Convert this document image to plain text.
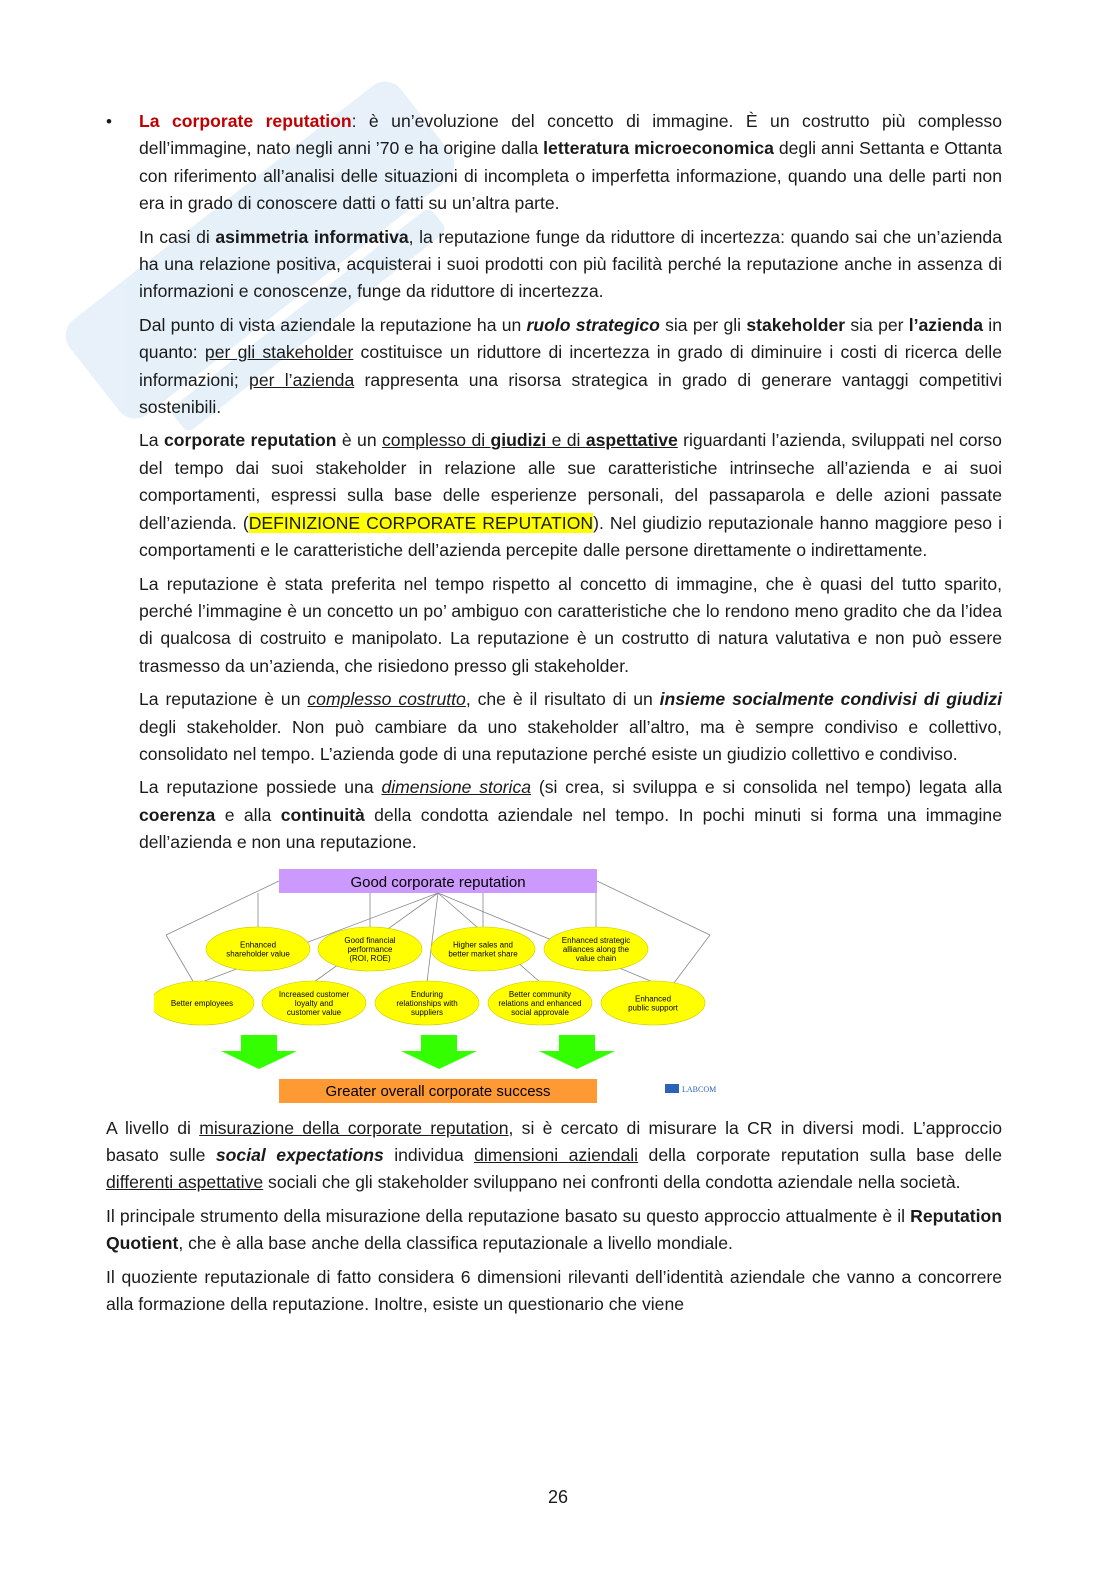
• La corporate reputation: è un’evoluzione del concetto di immagine. È un costrutto più complesso dell’immagine, nato negli anni ’70 e ha origine dalla letteratura microeconomica degli anni Settanta e Ottanta con riferimento all’analisi delle situazioni di incompleta o imperfetta informazione, quando una delle parti non era in grado di conoscere datti o fatti su un’altra parte.
In casi di asimmetria informativa, la reputazione funge da riduttore di incertezza: quando sai che un’azienda ha una relazione positiva, acquisterai i suoi prodotti con più facilità perché la reputazione anche in assenza di informazioni e conoscenze, funge da riduttore di incertezza.
Dal punto di vista aziendale la reputazione ha un ruolo strategico sia per gli stakeholder sia per l’azienda in quanto: per gli stakeholder costituisce un riduttore di incertezza in grado di diminuire i costi di ricerca delle informazioni; per l’azienda rappresenta una risorsa strategica in grado di generare vantaggi competitivi sostenibili.
La corporate reputation è un complesso di giudizi e di aspettative riguardanti l’azienda, sviluppati nel corso del tempo dai suoi stakeholder in relazione alle sue caratteristiche intrinseche all’azienda e ai suoi comportamenti, espressi sulla base delle esperienze personali, del passaparola e delle azioni passate dell’azienda. (DEFINIZIONE CORPORATE REPUTATION). Nel giudizio reputazionale hanno maggiore peso i comportamenti e le caratteristiche dell’azienda percepite dalle persone direttamente o indirettamente.
La reputazione è stata preferita nel tempo rispetto al concetto di immagine, che è quasi del tutto sparito, perché l’immagine è un concetto un po’ ambiguo con caratteristiche che lo rendono meno gradito che da l’idea di qualcosa di costruito e manipolato. La reputazione è un costrutto di natura valutativa e non può essere trasmesso da un’azienda, che risiedono presso gli stakeholder.
La reputazione è un complesso costrutto, che è il risultato di un insieme socialmente condivisi di giudizi degli stakeholder. Non può cambiare da uno stakeholder all’altro, ma è sempre condiviso e collettivo, consolidato nel tempo. L’azienda gode di una reputazione perché esiste un giudizio collettivo e condiviso.
La reputazione possiede una dimensione storica (si crea, si sviluppa e si consolida nel tempo) legata alla coerenza e alla continuità della condotta aziendale nel tempo. In pochi minuti si forma una immagine dell’azienda e non una reputazione.
Good corporate reputation
Enhanced
shareholder value
Good financial
performance
(ROI, ROE)
Higher sales and
better market share
Enhanced strategic
alliances along the
value chain
Better employees
Increased customer
loyalty and
customer value
Enduring
relationships with
suppliers
Better community
relations and enhanced
social approvale
Enhanced
public support
Greater overall corporate success	LABCOM
A livello di misurazione della corporate reputation, si è cercato di misurare la CR in diversi modi. L’approccio basato sulle social expectations individua dimensioni aziendali della corporate reputation sulla base delle differenti aspettative sociali che gli stakeholder sviluppano nei confronti della condotta aziendale nella società.
Il principale strumento della misurazione della reputazione basato su questo approccio attualmente è il Reputation Quotient, che è alla base anche della classifica reputazionale a livello mondiale.
Il quoziente reputazionale di fatto considera 6 dimensioni rilevanti dell’identità aziendale che vanno a concorrere alla formazione della reputazione. Inoltre, esiste un questionario che viene
26
